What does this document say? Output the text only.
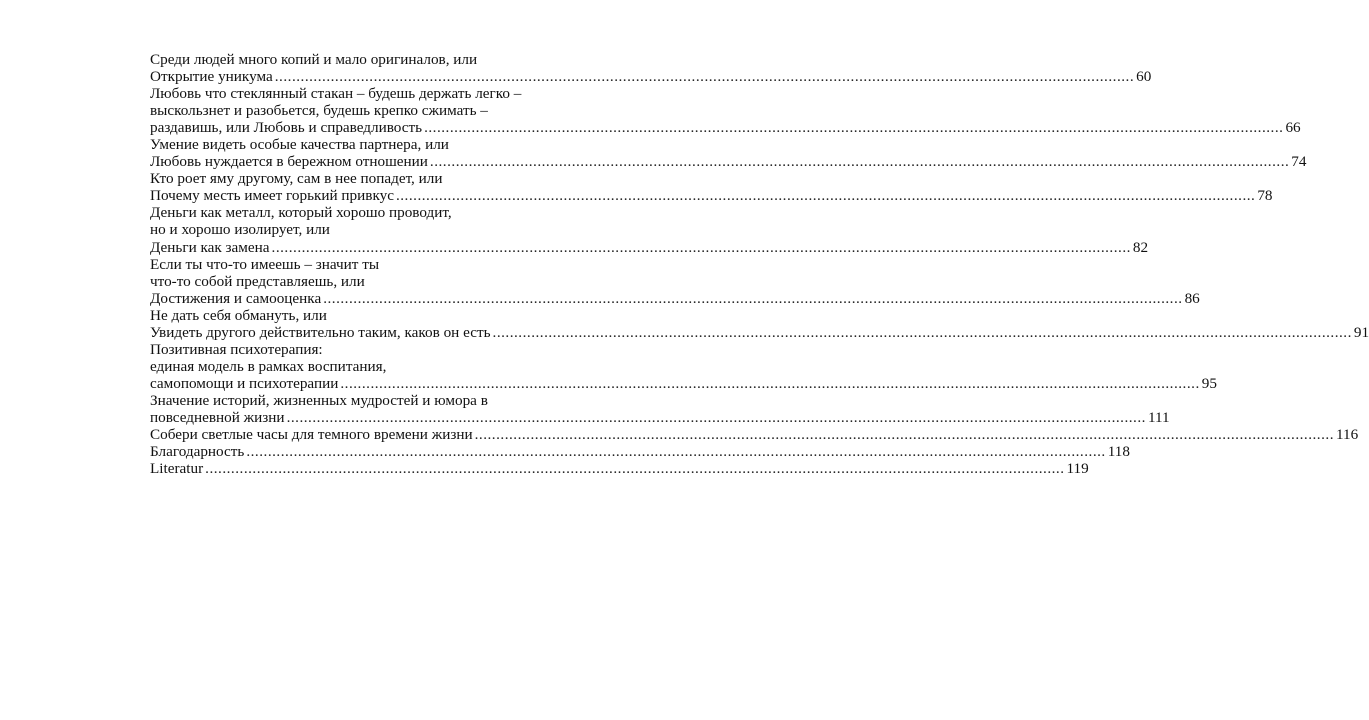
Среди людей много копий и мало оригиналов, или
Открытие уникума ........................................................................................................................................................................................................ 60
Любовь что стеклянный стакан – будешь держать легко –
выскользнет и разобьется, будешь крепко сжимать –
раздавишь, или Любовь и справедливость ........................................................................................................................................................................................................ 66
Умение видеть особые качества партнера, или
Любовь нуждается в бережном отношении ........................................................................................................................................................................................................ 74
Кто роет яму другому, сам в нее попадет, или
Почему месть имеет горький привкус ........................................................................................................................................................................................................ 78
Деньги как металл, который хорошо проводит,
но и хорошо изолирует, или
Деньги как замена ........................................................................................................................................................................................................ 82
Если ты что-то имеешь – значит ты
что-то собой представляешь, или
Достижения и самооценка ........................................................................................................................................................................................................ 86
Не дать себя обмануть, или
Увидеть другого действительно таким, каков он есть ........................................................................................................................................................................................................ 91
Позитивная психотерапия:
единая модель в рамках воспитания,
самопомощи и психотерапии ........................................................................................................................................................................................................ 95
Значение историй, жизненных мудростей и юмора в
повседневной жизни ........................................................................................................................................................................................................ 111
Собери светлые часы для темного времени жизни ........................................................................................................................................................................................................ 116
Благодарность ........................................................................................................................................................................................................ 118
Literatur ........................................................................................................................................................................................................ 119
